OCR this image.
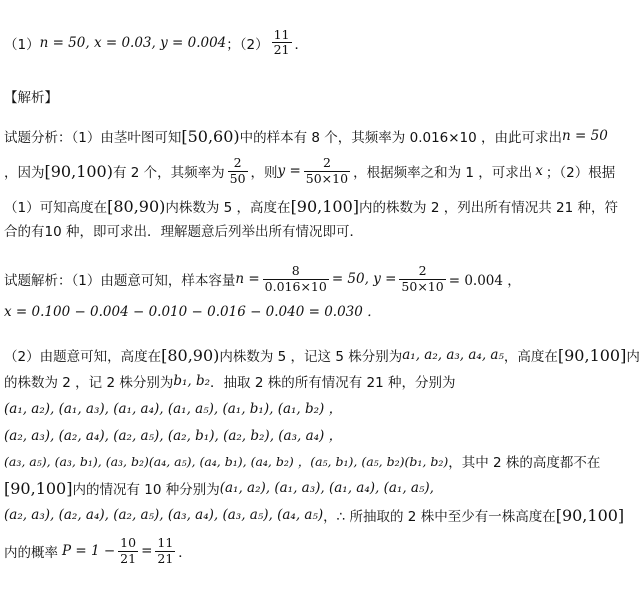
（1） n = 50, x = 0.03, y = 0.004 ；$(2) \frac{11}{21}$ ．
【解析】
试题分析：（1）由茎叶图可知 [50,60) 中的样本有 8 个，其频率为 0.016×10 ，由此可求出 n = 50
，因为 [90,100) 有 2 个，其频率为 $\frac{2}{50}$ ，则 $y = \frac{2}{50\times 10}$ ，根据频率之和为 1 ，可求出 x ；（2）根据
（1）可知高度在 [80,90) 内株数为 5 ，高度在 [90,100] 内的株数为 2 ，列出所有情况共 21 种，符
合的有10 种，即可求出．理解题意后列举出所有情况即可．
试题解析：（1）由题意可知，样本容量 $n = \frac{8}{0.016\times 10} = 50$, $y = \frac{2}{50\times 10} = 0.004$ ，
x = 0.100 − 0.004 − 0.010 − 0.016 − 0.040 = 0.030 ．
（2）由题意可知，高度在 [80,90) 内株数为 5 ，记这 5 株分别为 a₁, a₂, a₃, a₄, a₅ ，高度在 [90,100] 内
的株数为 2 ，记 2 株分别为 b₁, b₂ ．抽取 2 株的所有情况有 21 种，分别为
(a₁, a₂), (a₁, a₃), (a₁, a₄), (a₁, a₅), (a₁, b₁), (a₁, b₂) ，
(a₂, a₃), (a₂, a₄), (a₂, a₅), (a₂, b₁), (a₂, b₂), (a₃, a₄) ，
(a₃, a₅), (a₃, b₁), (a₃, b₂)(a₄, a₅), (a₄, b₁), (a₄, b₂) ，(a₅, b₁), (a₅, b₂)(b₁, b₂) ，其中 2 株的高度都不在
[90,100] 内的情况有 10 种分别为 (a₁, a₂), (a₁, a₃), (a₁, a₄), (a₁, a₅),
(a₂, a₃), (a₂, a₄), (a₂, a₅), (a₃, a₄), (a₃, a₅), (a₄, a₅) ，∴ 所抽取的 2 株中至少有一株高度在 [90,100]
内的概率 $P = 1 - \frac{10}{21} = \frac{11}{21}$ ．
